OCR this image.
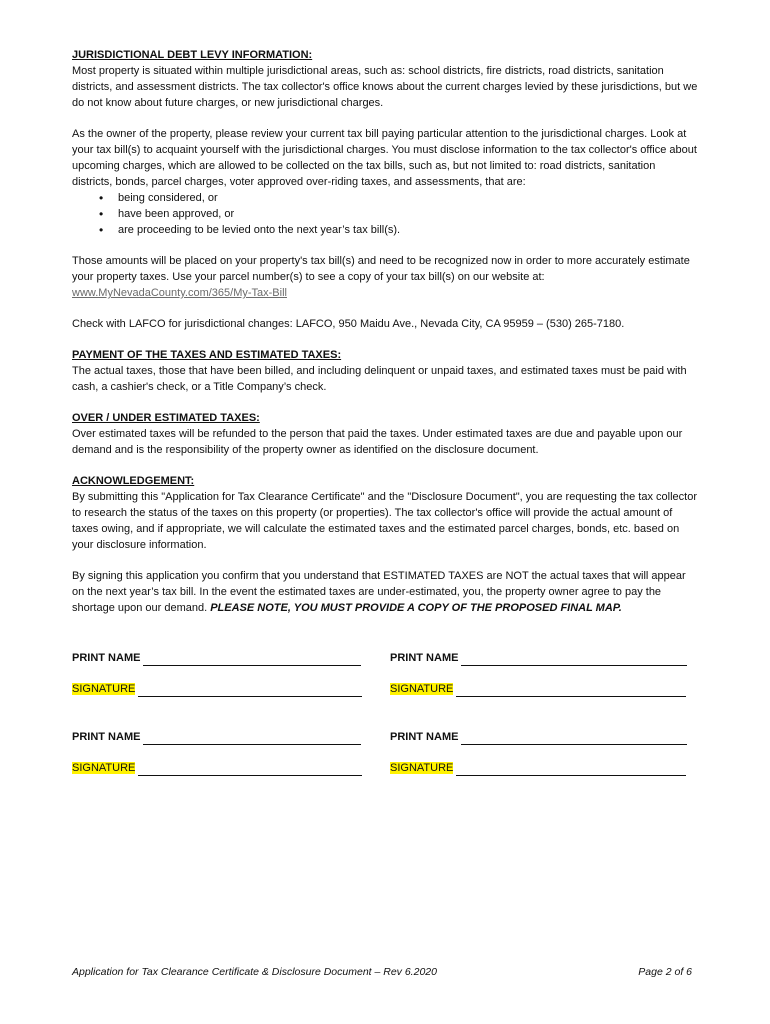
JURISDICTIONAL DEBT LEVY INFORMATION:

Most property is situated within multiple jurisdictional areas, such as: school districts, fire districts, road districts, sanitation districts, and assessment districts. The tax collector's office knows about the current charges levied by these jurisdictions, but we do not know about future charges, or new jurisdictional charges.

As the owner of the property, please review your current tax bill paying particular attention to the jurisdictional charges. Look at your tax bill(s) to acquaint yourself with the jurisdictional charges. You must disclose information to the tax collector's office about upcoming charges, which are allowed to be collected on the tax bills, such as, but not limited to: road districts, sanitation districts, bonds, parcel charges, voter approved over-riding taxes, and assessments, that are:

• being considered, or
• have been approved, or
• are proceeding to be levied onto the next year’s tax bill(s).

Those amounts will be placed on your property's tax bill(s) and need to be recognized now in order to more accurately estimate your property taxes. Use your parcel number(s) to see a copy of your tax bill(s) on our website at:

www.MyNevadaCounty.com/365/My-Tax-Bill

Check with LAFCO for jurisdictional changes: LAFCO, 950 Maidu Ave., Nevada City, CA 95959 – (530) 265-7180.

PAYMENT OF THE TAXES AND ESTIMATED TAXES:

The actual taxes, those that have been billed, and including delinquent or unpaid taxes, and estimated taxes must be paid with cash, a cashier's check, or a Title Company’s check.

OVER / UNDER ESTIMATED TAXES:

Over estimated taxes will be refunded to the person that paid the taxes. Under estimated taxes are due and payable upon our demand and is the responsibility of the property owner as identified on the disclosure document.

ACKNOWLEDGEMENT:

By submitting this "Application for Tax Clearance Certificate" and the "Disclosure Document", you are requesting the tax collector to research the status of the taxes on this property (or properties). The tax collector's office will provide the actual amount of taxes owing, and if appropriate, we will calculate the estimated taxes and the estimated parcel charges, bonds, etc. based on your disclosure information.

By signing this application you confirm that you understand that ESTIMATED TAXES are NOT the actual taxes that will appear on the next year’s tax bill. In the event the estimated taxes are under-estimated, you, the property owner agree to pay the shortage upon our demand. PLEASE NOTE, YOU MUST PROVIDE A COPY OF THE PROPOSED FINAL MAP.

PRINT NAME	PRINT NAME
SIGNATURE	SIGNATURE
PRINT NAME	PRINT NAME
SIGNATURE	SIGNATURE
Application for Tax Clearance Certificate & Disclosure Document – Rev 6.2020	Page 2 of 6
